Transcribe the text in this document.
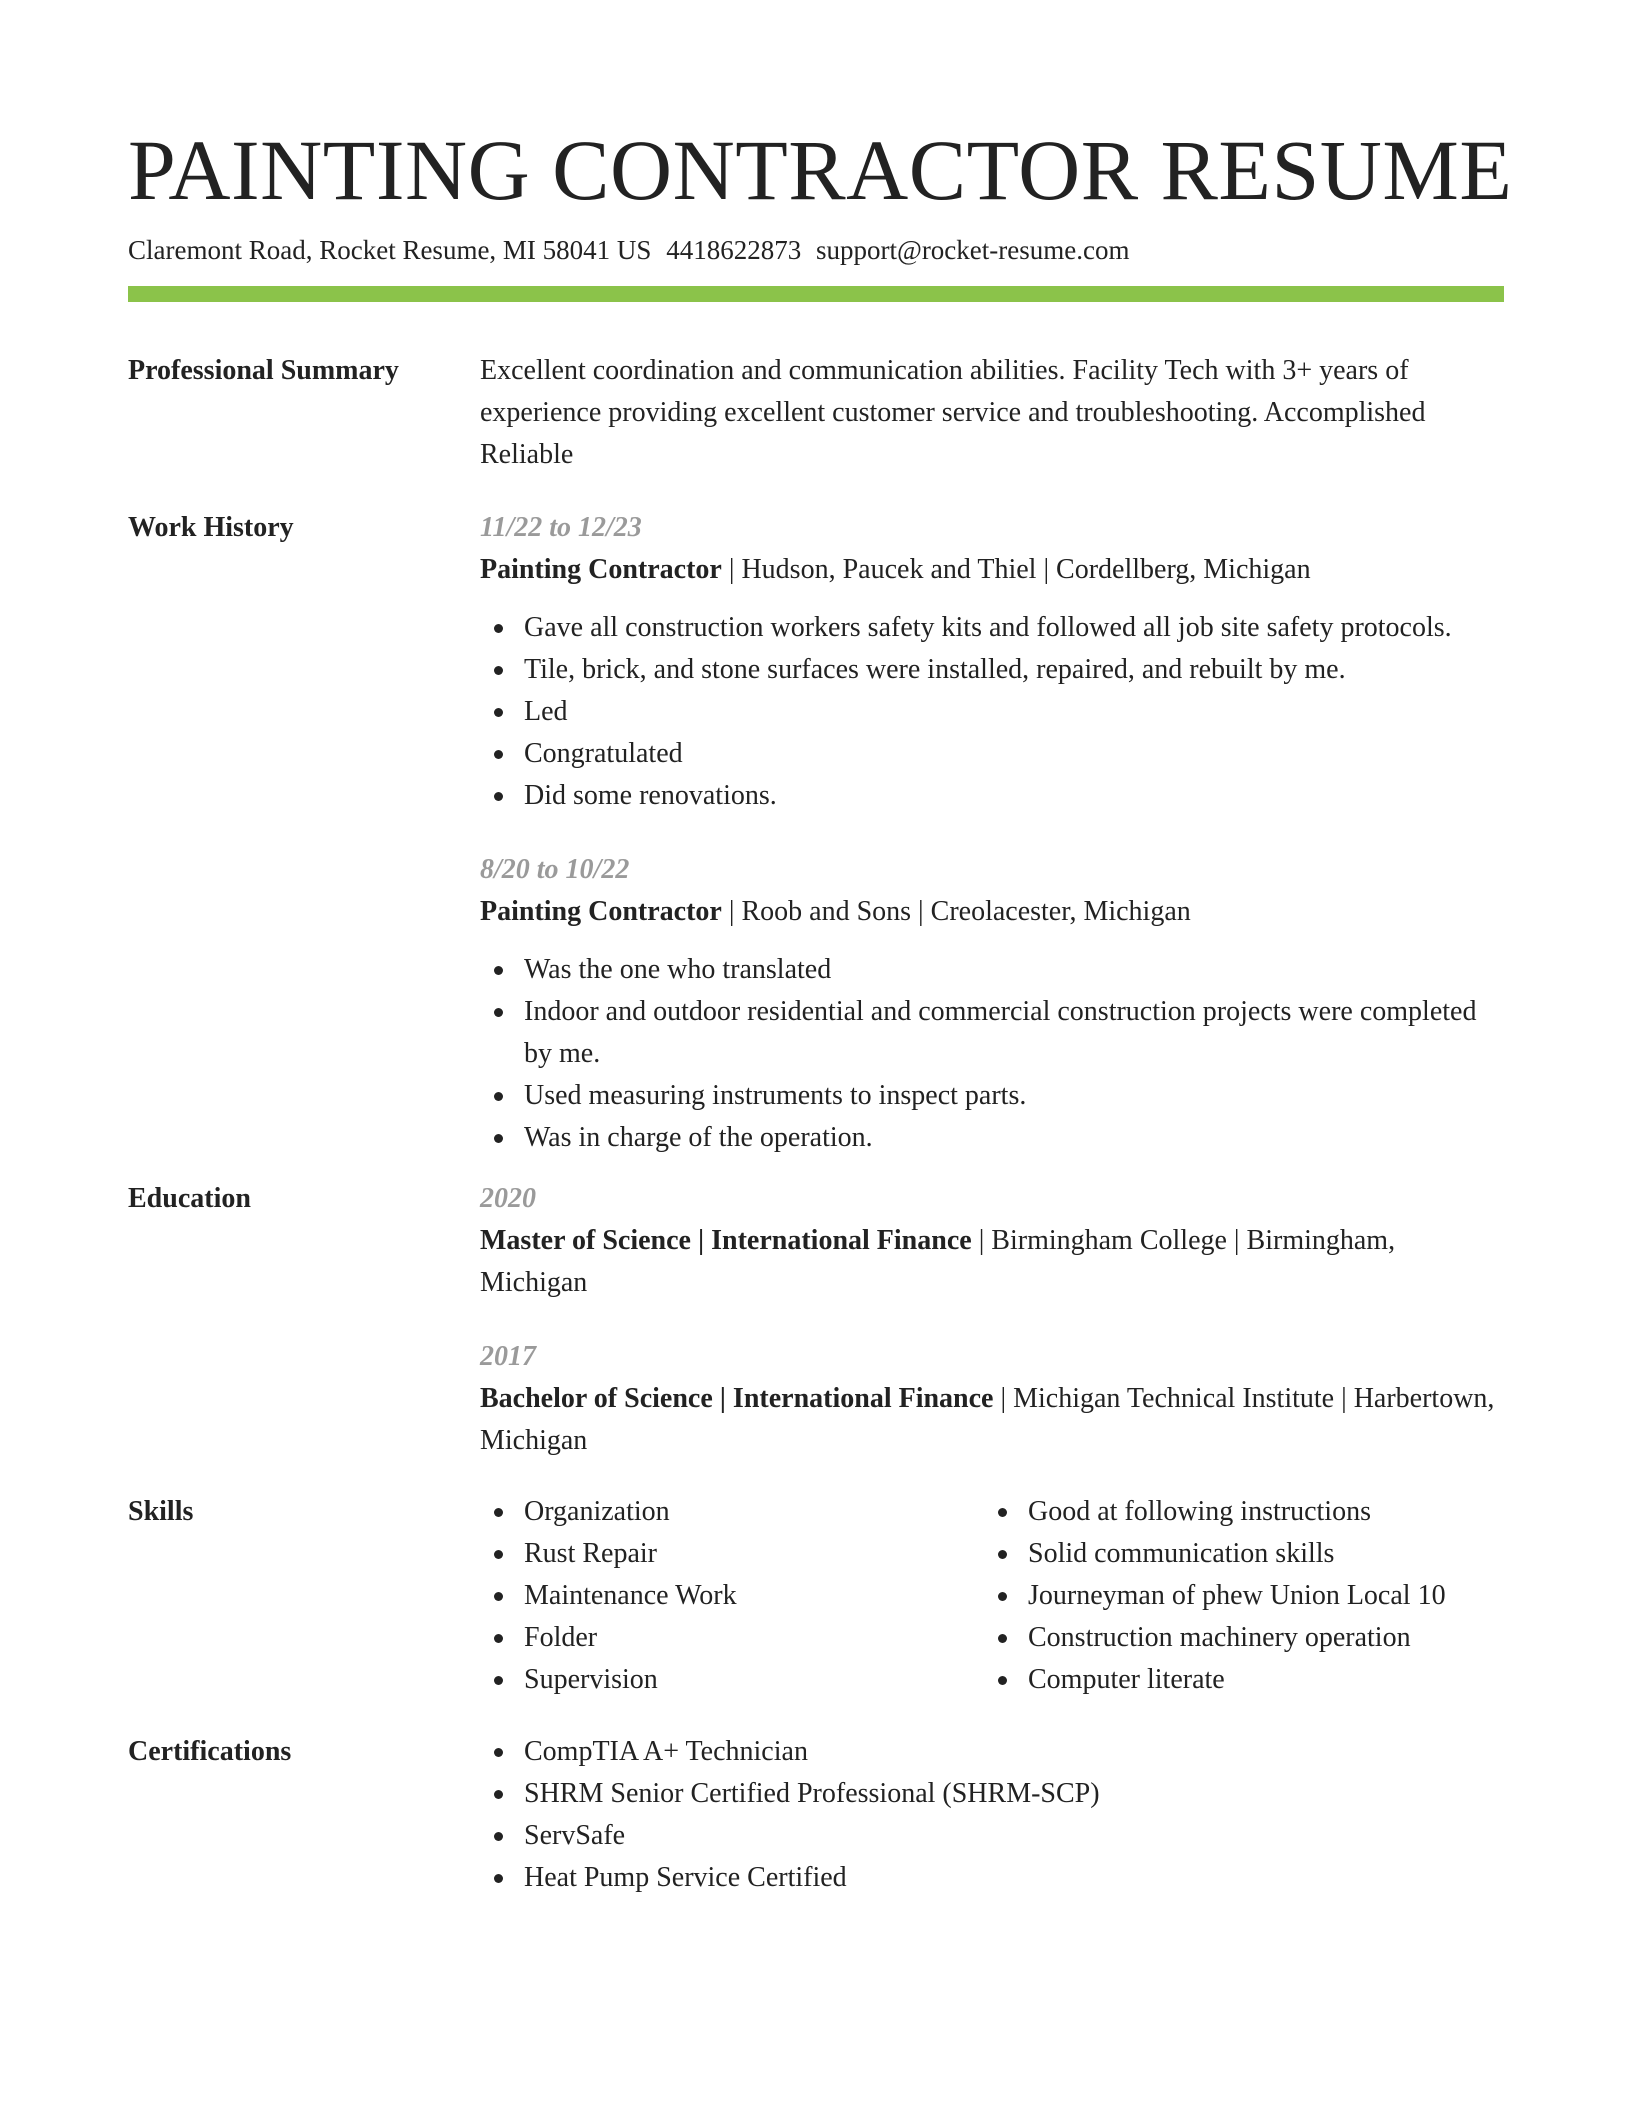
PAINTING CONTRACTOR RESUME
Claremont Road, Rocket Resume, MI 58041 US 4418622873 support@rocket-resume.com
Professional Summary	Excellent coordination and communication abilities. Facility Tech with 3+ years of experience providing excellent customer service and troubleshooting. Accomplished Reliable

Work History	11/22 to 12/23
Painting Contractor | Hudson, Paucek and Thiel | Cordellberg, Michigan
Gave all construction workers safety kits and followed all job site safety protocols.
Tile, brick, and stone surfaces were installed, repaired, and rebuilt by me.
Led
Congratulated
Did some renovations.
8/20 to 10/22
Painting Contractor | Roob and Sons | Creolacester, Michigan
Was the one who translated
Indoor and outdoor residential and commercial construction projects were completed by me.
Used measuring instruments to inspect parts.
Was in charge of the operation.
Education	2020
Master of Science | International Finance | Birmingham College | Birmingham, Michigan
2017
Bachelor of Science | International Finance | Michigan Technical Institute | Harbertown, Michigan
Skills	Organization
Rust Repair
Maintenance Work
Folder
Supervision
Good at following instructions
Solid communication skills
Journeyman of phew Union Local 10
Construction machinery operation
Computer literate
Certifications	CompTIA A+ Technician
SHRM Senior Certified Professional (SHRM-SCP)
ServSafe
Heat Pump Service Certified
